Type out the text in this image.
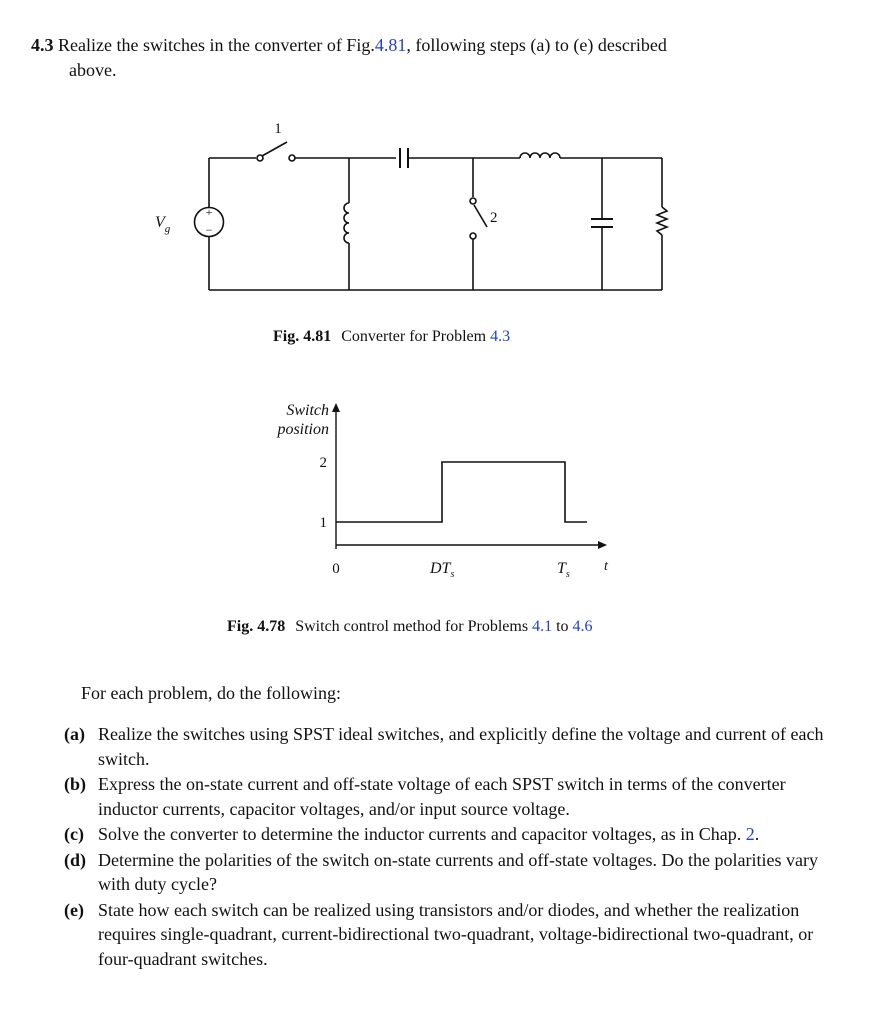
4.3 Realize the switches in the converter of Fig.4.81, following steps (a) to (e) described
above.
+
−
1
2
$V_g$
Switch
position
2
1
0	$DT_s$	$T_s$
t
Fig. 4.81 Converter for Problem 4.3
Fig. 4.78 Switch control method for Problems 4.1 to 4.6
For each problem, do the following:
(a) Realize the switches using SPST ideal switches, and explicitly define the voltage and current of each switch.
(b) Express the on-state current and off-state voltage of each SPST switch in terms of the converter inductor currents, capacitor voltages, and/or input source voltage.
(c) Solve the converter to determine the inductor currents and capacitor voltages, as in Chap. 2.
(d) Determine the polarities of the switch on-state currents and off-state voltages. Do the polarities vary with duty cycle?
(e) State how each switch can be realized using transistors and/or diodes, and whether the realization requires single-quadrant, current-bidirectional two-quadrant, voltage-bidirectional two-quadrant, or four-quadrant switches.
